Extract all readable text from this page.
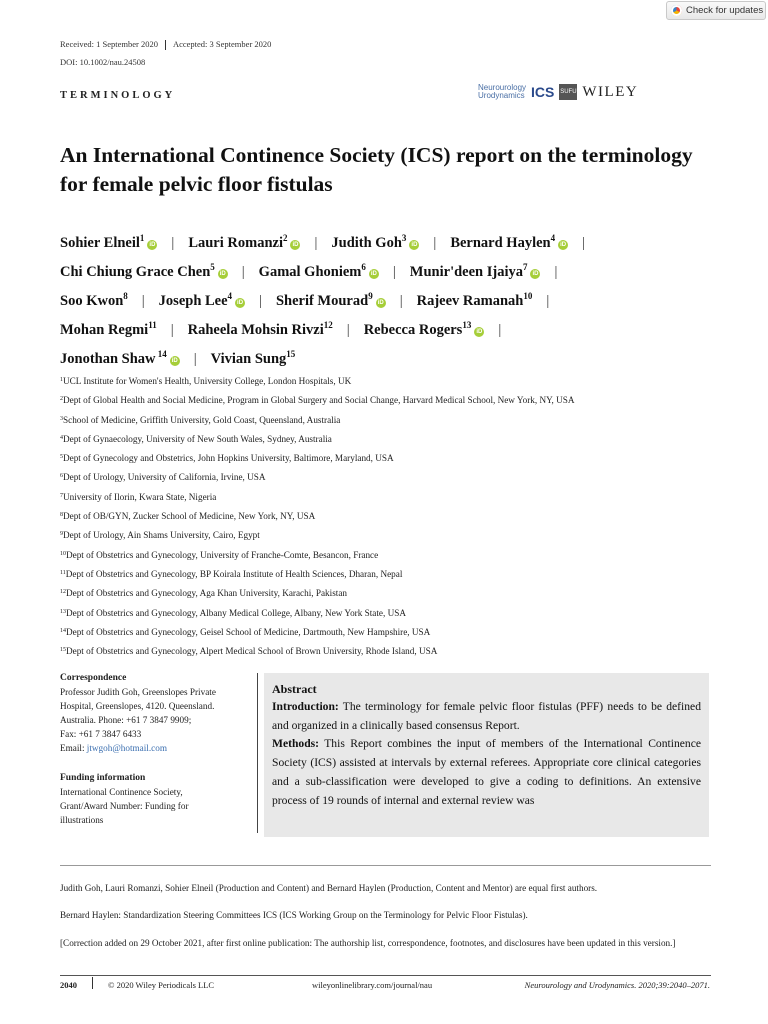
Check for updates
Received: 1 September 2020 Accepted: 3 September 2020
DOI: 10.1002/nau.24508
TERMINOLOGY
Neurourology
Urodynamics ICS SUFU WILEY
An International Continence Society (ICS) report on the terminology for female pelvic floor fistulas
Sohier Elneil$^1$iD | Lauri Romanzi$^2$iD | Judith Goh$^3$iD | Bernard Haylen$^4$iD |
Chi Chiung Grace Chen$^5$iD | Gamal Ghoniem$^6$iD | Munir'deen Ijaiya$^7$iD |
Soo Kwon$^8$ | Joseph Lee$^4$iD | Sherif Mourad$^9$iD | Rajeev Ramanah$^{10}$ |
Mohan Regmi$^{11}$ | Raheela Mohsin Rivzi$^{12}$ | Rebecca Rogers$^{13}$iD |
Jonothan Shaw $^{14}$iD | Vivian Sung$^{15}$
$^1$UCL Institute for Women's Health, University College, London Hospitals, UK
$^2$Dept of Global Health and Social Medicine, Program in Global Surgery and Social Change, Harvard Medical School, New York, NY, USA
$^3$School of Medicine, Griffith University, Gold Coast, Queensland, Australia
$^4$Dept of Gynaecology, University of New South Wales, Sydney, Australia
$^5$Dept of Gynecology and Obstetrics, John Hopkins University, Baltimore, Maryland, USA
$^6$Dept of Urology, University of California, Irvine, USA
$^7$University of Ilorin, Kwara State, Nigeria
$^8$Dept of OB/GYN, Zucker School of Medicine, New York, NY, USA
$^9$Dept of Urology, Ain Shams University, Cairo, Egypt
$^{10}$Dept of Obstetrics and Gynecology, University of Franche-Comte, Besancon, France
$^{11}$Dept of Obstetrics and Gynecology, BP Koirala Institute of Health Sciences, Dharan, Nepal
$^{12}$Dept of Obstetrics and Gynecology, Aga Khan University, Karachi, Pakistan
$^{13}$Dept of Obstetrics and Gynecology, Albany Medical College, Albany, New York State, USA
$^{14}$Dept of Obstetrics and Gynecology, Geisel School of Medicine, Dartmouth, New Hampshire, USA
$^{15}$Dept of Obstetrics and Gynecology, Alpert Medical School of Brown University, Rhode Island, USA
Correspondence
Professor Judith Goh, Greenslopes Private
Hospital, Greenslopes, 4120. Queensland.
Australia. Phone: +61 7 3847 9909;
Fax: +61 7 3847 6433
Email: jtwgoh@hotmail.com
Funding information
International Continence Society,
Grant/Award Number: Funding for
illustrations
Abstract
Introduction: The terminology for female pelvic floor fistulas (PFF) needs to be defined and organized in a clinically based consensus Report.
Methods: This Report combines the input of members of the International Continence Society (ICS) assisted at intervals by external referees. Appropriate core clinical categories and a sub-classification were developed to give a coding to definitions. An extensive process of 19 rounds of internal and external review was
Judith Goh, Lauri Romanzi, Sohier Elneil (Production and Content) and Bernard Haylen (Production, Content and Mentor) are equal first authors.
Bernard Haylen: Standardization Steering Committees ICS (ICS Working Group on the Terminology for Pelvic Floor Fistulas).
[Correction added on 29 October 2021, after first online publication: The authorship list, correspondence, footnotes, and disclosures have been updated in this version.]
2040	© 2020 Wiley Periodicals LLC	wileyonlinelibrary.com/journal/nau	Neurourology and Urodynamics. 2020;39:2040–2071.
